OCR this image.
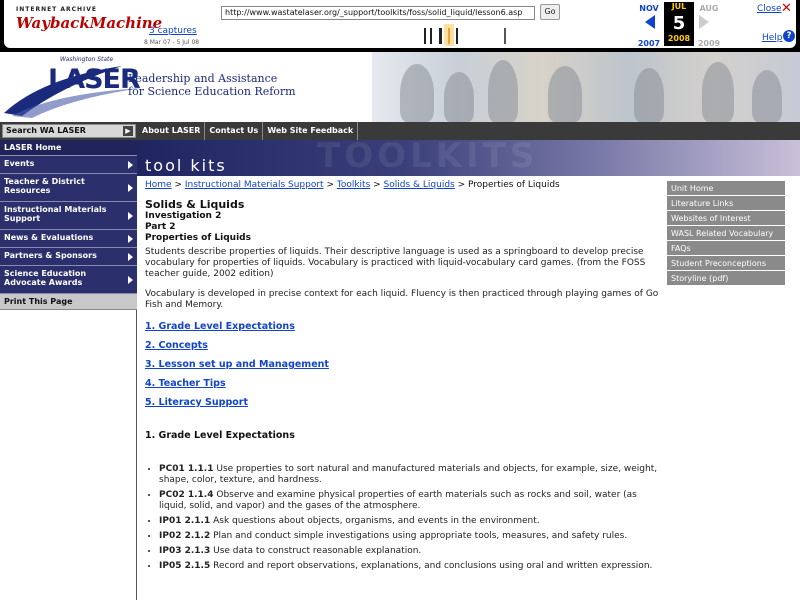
INTERNET ARCHIVE
WaybackMachine
http://www.wastatelaser.org/_support/toolkits/foss/solid_liquid/lesson6.asp	Go
3 captures
8 Mar 07 - 5 Jul 08
NOV
2007
JUL
5
2008
AUG
2009
Close ✕
Help ?
Washington State
LASER
Leadership and Assistance
for Science Education Reform
Search WA LASER	▶	About LASER	Contact Us	Web Site Feedback
LASER Home
Events
Teacher & District Resources
Instructional Materials Support
News & Evaluations
Partners & Sponsors
Science Education Advocate Awards
Print This Page
TOOLKITS
tool kits
Home > Instructional Materials Support > Toolkits > Solids & Liquids > Properties of Liquids
Solids & Liquids
Investigation 2
Part 2
Properties of Liquids
Students describe properties of liquids. Their descriptive language is used as a springboard to develop precise vocabulary for properties of liquids. Vocabulary is practiced with liquid-vocabulary card games. (from the FOSS teacher guide, 2002 edition)
Vocabulary is developed in precise context for each liquid. Fluency is then practiced through playing games of Go Fish and Memory.
1. Grade Level Expectations
2. Concepts
3. Lesson set up and Management
4. Teacher Tips
5. Literacy Support
1. Grade Level Expectations
• PC01 1.1.1 Use properties to sort natural and manufactured materials and objects, for example, size, weight, shape, color, texture, and hardness.
• PC02 1.1.4 Observe and examine physical properties of earth materials such as rocks and soil, water (as liquid, solid, and vapor) and the gases of the atmosphere.
• IP01 2.1.1 Ask questions about objects, organisms, and events in the environment.
• IP02 2.1.2 Plan and conduct simple investigations using appropriate tools, measures, and safety rules.
• IP03 2.1.3 Use data to construct reasonable explanation.
• IP05 2.1.5 Record and report observations, explanations, and conclusions using oral and written expression.
Unit Home
Literature Links
Websites of Interest
WASL Related Vocabulary
FAQs
Student Preconceptions
Storyline (pdf)
